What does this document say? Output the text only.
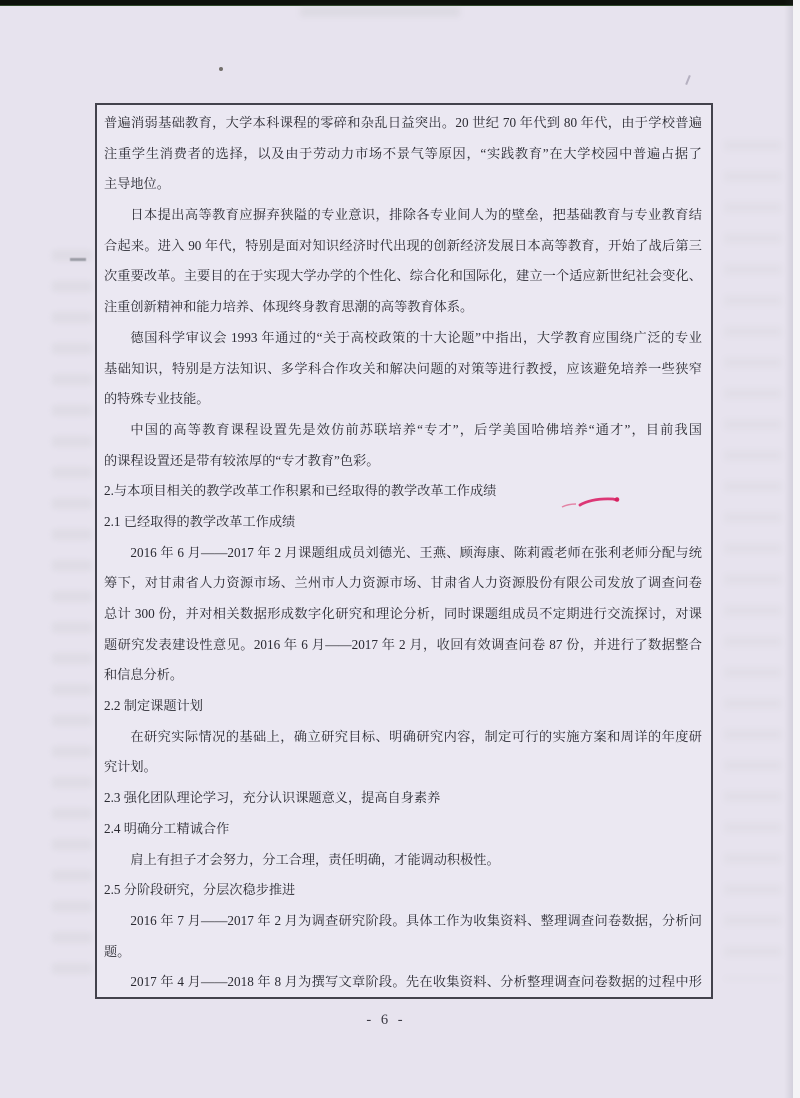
普遍消弱基础教育，大学本科课程的零碎和杂乱日益突出。20 世纪 70 年代到 80 年代，由于学校普遍
注重学生消费者的选择，以及由于劳动力市场不景气等原因，“实践教育”在大学校园中普遍占据了
主导地位。
日本提出高等教育应摒弃狭隘的专业意识，排除各专业间人为的壁垒，把基础教育与专业教育结
合起来。进入 90 年代，特别是面对知识经济时代出现的创新经济发展日本高等教育，开始了战后第三
次重要改革。主要目的在于实现大学办学的个性化、综合化和国际化，建立一个适应新世纪社会变化、
注重创新精神和能力培养、体现终身教育思潮的高等教育体系。
德国科学审议会 1993 年通过的“关于高校政策的十大论题”中指出，大学教育应围绕广泛的专业
基础知识，特别是方法知识、多学科合作攻关和解决问题的对策等进行教授，应该避免培养一些狭窄
的特殊专业技能。
中国的高等教育课程设置先是效仿前苏联培养“专才”，后学美国哈佛培养“通才”，目前我国
的课程设置还是带有较浓厚的“专才教育”色彩。
2.与本项目相关的教学改革工作积累和已经取得的教学改革工作成绩
2.1 已经取得的教学改革工作成绩
2016 年 6 月——2017 年 2 月课题组成员刘德光、王燕、顾海康、陈莉霞老师在张利老师分配与统
筹下，对甘肃省人力资源市场、兰州市人力资源市场、甘肃省人力资源股份有限公司发放了调查问卷
总计 300 份，并对相关数据形成数字化研究和理论分析，同时课题组成员不定期进行交流探讨，对课
题研究发表建设性意见。2016 年 6 月——2017 年 2 月，收回有效调查问卷 87 份，并进行了数据整合
和信息分析。
2.2 制定课题计划
在研究实际情况的基础上，确立研究目标、明确研究内容，制定可行的实施方案和周详的年度研
究计划。
2.3 强化团队理论学习，充分认识课题意义，提高自身素养
2.4 明确分工精诚合作
肩上有担子才会努力，分工合理，责任明确，才能调动积极性。
2.5 分阶段研究，分层次稳步推进
2016 年 7 月——2017 年 2 月为调查研究阶段。具体工作为收集资料、整理调查问卷数据，分析问
题。
2017 年 4 月——2018 年 8 月为撰写文章阶段。先在收集资料、分析整理调查问卷数据的过程中形
- 6 -
